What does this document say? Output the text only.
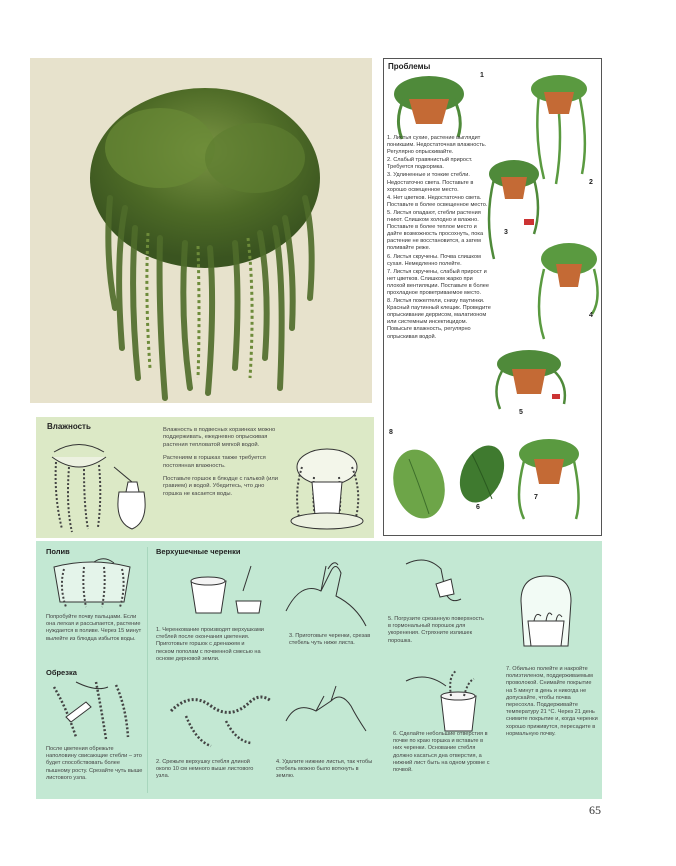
Проблемы
1
2
3
4
5
6
7
8
1. Листья сухие, растение выглядит поникшим. Недостаточная влажность. Регулярно опрыскивайте.
2. Слабый травянистый прирост. Требуется подкормка.
3. Удлиненные и тонкие стебли. Недостаточно света. Поставьте в хорошо освещенное место.
4. Нет цветков. Недостаточно света. Поставьте в более освещенное место.
5. Листья опадают, стебли растения гниют. Слишком холодно и влажно. Поставьте в более теплое место и дайте возможность просохнуть, пока растение не восстановится, а затем поливайте реже.
6. Листья скручены. Почва слишком сухая. Немедленно полейте.
7. Листья скручены, слабый прирост и нет цветков. Слишком жарко при плохой вентиляции. Поставьте в более прохладное проветриваемое место.
8. Листья пожелтели, снизу паутинки. Красный паутинный клещик. Проведите опрыскивание деррисом, малатионом или системным инсектицидом. Повысьте влажность, регулярно опрыскивая водой.
Влажность	Влажность в подвесных корзинках можно поддерживать, ежедневно опрыскивая растения тепловатой мягкой водой.

Растениям в горшках также требуется постоянная влажность.

Поставьте горшок в блюдце с галькой (или гравием) и водой. Убедитесь, что дно горшка не касается воды.

Полив
Попробуйте почву пальцами. Если она легкая и рассыпается, растение нуждается в поливе. Через 15 минут вылейте из блюдца избыток воды.
Обрезка
После цветения обрежьте наполовину свисающие стебли – это будет способствовать более пышному росту. Срезайте чуть выше листового узла.
Верхушечные черенки
1. Черенкование производят верхушками стеблей после окончания цветения. Приготовьте горшок с дренажем и песком пополам с почвенной смесью на основе дерновой земли.
3. Приготовьте черенки, срезав стебель чуть ниже листа.
5. Погрузите срезанную поверхность в гормональный порошок для укоренения. Стряхните излишек порошка.
7. Обильно полейте и накройте полиэтиленом, поддерживаемым проволокой. Снимайте покрытие на 5 минут в день и никогда не допускайте, чтобы почва пересохла. Поддерживайте температуру 21 °С. Через 21 день снимите покрытие и, когда черенки хорошо приживутся, пересадите в нормальную почву.
2. Срежьте верхушку стебля длиной около 10 см немного выше листового узла.
4. Удалите нижние листья, так чтобы стебель можно было воткнуть в землю.
6. Сделайте небольшие отверстия в почве по краю горшка и вставьте в них черенки. Основание стебля должно касаться дна отверстия, а нижний лист быть на одном уровне с почвой.
65
